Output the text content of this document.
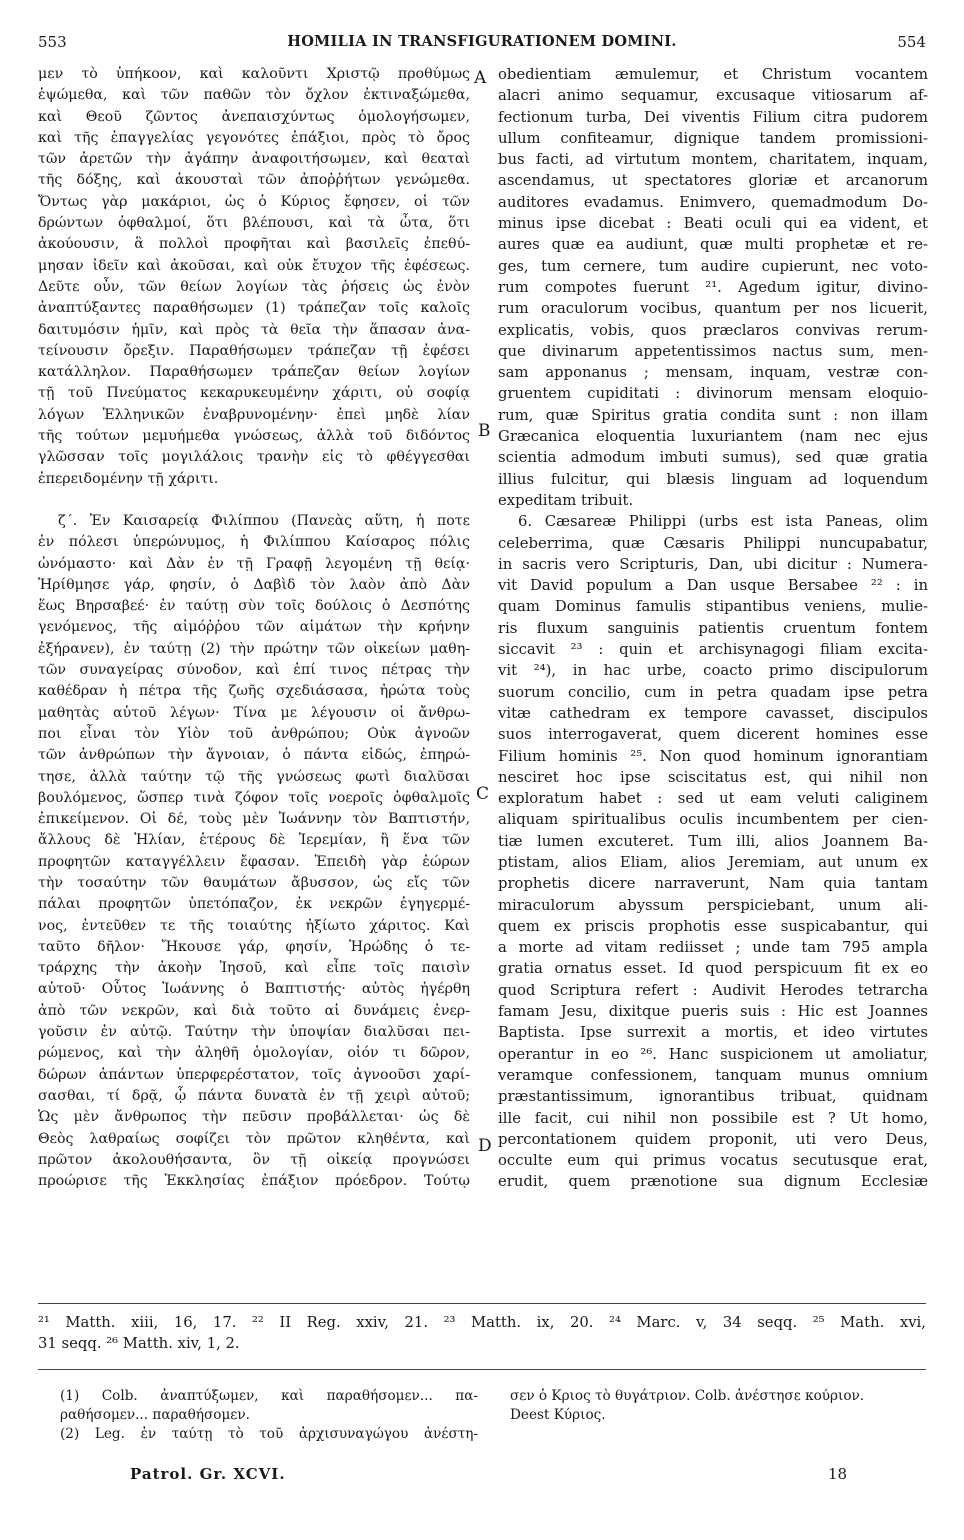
553	HOMILIA IN TRANSFIGURATIONEM DOMINI.	554
μεν τὸ ὑπήκοον, καὶ καλοῦντι Χριστῷ προθύμως
ἑψώμεθα, καὶ τῶν παθῶν τὸν ὄχλον ἐκτιναξώμεθα,
καὶ Θεοῦ ζῶντος ἀνεπαισχύντως ὁμολογήσωμεν,
καὶ τῆς ἐπαγγελίας γεγονότες ἐπάξιοι, πρὸς τὸ ὄρος
τῶν ἀρετῶν τὴν ἀγάπην ἀναφοιτήσωμεν, καὶ θεαταὶ
τῆς δόξης, καὶ ἀκουσταὶ τῶν ἀποῤῥήτων γενώμεθα.
Ὄντως γὰρ μακάριοι, ὡς ὁ Κύριος ἔφησεν, οἱ τῶν
δρώντων ὀφθαλμοί, ὅτι βλέπουσι, καὶ τὰ ὦτα, ὅτι
ἀκούουσιν, ἃ πολλοὶ προφῆται καὶ βασιλεῖς ἐπεθύ-
μησαν ἰδεῖν καὶ ἀκοῦσαι, καὶ οὐκ ἔτυχον τῆς ἐφέσεως.
Δεῦτε οὖν, τῶν θείων λογίων τὰς ῥήσεις ὡς ἐνὸν
ἀναπτύξαντες παραθήσωμεν (1) τράπεζαν τοῖς καλοῖς
δαιτυμόσιν ἡμῖν, καὶ πρὸς τὰ θεῖα τὴν ἅπασαν ἀνα-
τείνουσιν ὄρεξιν. Παραθήσωμεν τράπεζαν τῇ ἐφέσει
κατάλληλον. Παραθήσωμεν τράπεζαν θείων λογίων
τῇ τοῦ Πνεύματος κεκαρυκευμένην χάριτι, οὐ σοφίᾳ
λόγων Ἑλληνικῶν ἐναβρυνομένην· ἐπεὶ μηδὲ λίαν
τῆς τούτων μεμυήμεθα γνώσεως, ἀλλὰ τοῦ διδόντος
γλῶσσαν τοῖς μογιλάλοις τρανὴν εἰς τὸ φθέγγεσθαι
ἐπερειδομένην τῇ χάριτι.
ζ΄. Ἐν Καισαρείᾳ Φιλίππου (Πανεὰς αὕτη, ἡ ποτε
ἐν πόλεσι ὑπερώνυμος, ἡ Φιλίππου Καίσαρος πόλις
ὠνόμαστο· καὶ Δὰν ἐν τῇ Γραφῇ λεγομένη τῇ θείᾳ·
Ἠρίθμησε γάρ, φησίν, ὁ Δαβὶδ τὸν λαὸν ἀπὸ Δὰν
ἕως Βηρσαβεέ· ἐν ταύτῃ σὺν τοῖς δούλοις ὁ Δεσπότης
γενόμενος, τῆς αἱμόῤῥου τῶν αἱμάτων τὴν κρήνην
ἐξήρανεν), ἐν ταύτῃ (2) τὴν πρώτην τῶν οἰκείων μαθη-
τῶν συναγείρας σύνοδον, καὶ ἐπί τινος πέτρας τὴν
καθέδραν ἡ πέτρα τῆς ζωῆς σχεδιάσασα, ἠρώτα τοὺς
μαθητὰς αὐτοῦ λέγων· Τίνα με λέγουσιν οἱ ἄνθρω-
ποι εἶναι τὸν Υἱὸν τοῦ ἀνθρώπου; Οὐκ ἀγνοῶν
τῶν ἀνθρώπων τὴν ἄγνοιαν, ὁ πάντα εἰδώς, ἐπηρώ-
τησε, ἀλλὰ ταύτην τῷ τῆς γνώσεως φωτὶ διαλῦσαι
βουλόμενος, ὥσπερ τινὰ ζόφον τοῖς νοεροῖς ὀφθαλμοῖς
ἐπικείμενον. Οἱ δέ, τοὺς μὲν Ἰωάννην τὸν Βαπτιστήν,
ἄλλους δὲ Ἠλίαν, ἑτέρους δὲ Ἱερεμίαν, ἢ ἕνα τῶν
προφητῶν καταγγέλλειν ἔφασαν. Ἐπειδὴ γὰρ ἑώρων
τὴν τοσαύτην τῶν θαυμάτων ἄβυσσον, ὡς εἴς τῶν
πάλαι προφητῶν ὑπετόπαζον, ἐκ νεκρῶν ἐγηγερμέ-
νος, ἐντεῦθεν τε τῆς τοιαύτης ἠξίωτο χάριτος. Καὶ
ταῦτο δῆλον· Ἤκουσε γάρ, φησίν, Ἡρώδης ὁ τε-
τράρχης τὴν ἀκοὴν Ἰησοῦ, καὶ εἶπε τοῖς παισὶν
αὐτοῦ· Οὗτος Ἰωάννης ὁ Βαπτιστής· αὐτὸς ἠγέρθη
ἀπὸ τῶν νεκρῶν, καὶ διὰ τοῦτο αἱ δυνάμεις ἐνερ-
γοῦσιν ἐν αὐτῷ. Ταύτην τὴν ὑποψίαν διαλῦσαι πει-
ρώμενος, καὶ τὴν ἀληθῆ ὁμολογίαν, οἱόν τι δῶρον,
δώρων ἁπάντων ὑπερφερέστατον, τοῖς ἀγνοοῦσι χαρί-
σασθαι, τί δρᾷ, ᾧ πάντα δυνατὰ ἐν τῇ χειρὶ αὐτοῦ;
Ὡς μὲν ἄνθρωπος τὴν πεῦσιν προβάλλεται· ὡς δὲ
Θεὸς λαθραίως σοφίζει τὸν πρῶτον κληθέντα, καὶ
πρῶτον ἀκολουθήσαντα, ὃν τῇ οἰκείᾳ προγνώσει
προώρισε τῆς Ἐκκλησίας ἐπάξιον πρόεδρον. Τούτῳ
obedientiam æmulemur, et Christum vocantem
alacri animo sequamur, excusaque vitiosarum af-
fectionum turba, Dei viventis Filium citra pudorem
ullum confiteamur, dignique tandem promissioni-
bus facti, ad virtutum montem, charitatem, inquam,
ascendamus, ut spectatores gloriæ et arcanorum
auditores evadamus. Enimvero, quemadmodum Do-
minus ipse dicebat : Beati oculi qui ea vident, et
aures quæ ea audiunt, quæ multi prophetæ et re-
ges, tum cernere, tum audire cupierunt, nec voto-
rum compotes fuerunt ²¹. Agedum igitur, divino-
rum oraculorum vocibus, quantum per nos licuerit,
explicatis, vobis, quos præclaros convivas rerum-
que divinarum appetentissimos nactus sum, men-
sam apponanus ; mensam, inquam, vestræ con-
gruentem cupiditati : divinorum mensam eloquio-
rum, quæ Spiritus gratia condita sunt : non illam
Græcanica eloquentia luxuriantem (nam nec ejus
scientia admodum imbuti sumus), sed quæ gratia
illius fulcitur, qui blæsis linguam ad loquendum
expeditam tribuit.
6. Cæsareæ Philippi (urbs est ista Paneas, olim
celeberrima, quæ Cæsaris Philippi nuncupabatur,
in sacris vero Scripturis, Dan, ubi dicitur : Numera-
vit David populum a Dan usque Bersabee ²² : in
quam Dominus famulis stipantibus veniens, mulie-
ris fluxum sanguinis patientis cruentum fontem
siccavit ²³ : quin et archisynagogi filiam excita-
vit ²⁴), in hac urbe, coacto primo discipulorum
suorum concilio, cum in petra quadam ipse petra
vitæ cathedram ex tempore cavasset, discipulos
suos interrogaverat, quem dicerent homines esse
Filium hominis ²⁵. Non quod hominum ignorantiam
nesciret hoc ipse sciscitatus est, qui nihil non
exploratum habet : sed ut eam veluti caliginem
aliquam spiritualibus oculis incumbentem per cien-
tiæ lumen excuteret. Tum illi, alios Joannem Ba-
ptistam, alios Eliam, alios Jeremiam, aut unum ex
prophetis dicere narraverunt, Nam quia tantam
miraculorum abyssum perspiciebant, unum ali-
quem ex priscis prophotis esse suspicabantur, qui
a morte ad vitam rediisset ; unde tam 795 ampla
gratia ornatus esset. Id quod perspicuum fit ex eo
quod Scriptura refert : Audivit Herodes tetrarcha
famam Jesu, dixitque pueris suis : Hic est Joannes
Baptista. Ipse surrexit a mortis, et ideo virtutes
operantur in eo ²⁶. Hanc suspicionem ut amoliatur,
veramque confessionem, tanquam munus omnium
præstantissimum, ignorantibus tribuat, quidnam
ille facit, cui nihil non possibile est ? Ut homo,
percontationem quidem proponit, uti vero Deus,
occulte eum qui primus vocatus secutusque erat,
erudit, quem prænotione sua dignum Ecclesiæ
A
B
C
D
²¹ Matth. xiii, 16, 17. ²² II Reg. xxiv, 21. ²³ Matth. ix, 20. ²⁴ Marc. v, 34 seqq. ²⁵ Math. xvi,
31 seqq. ²⁶ Matth. xiv, 1, 2.
(1) Colb. ἀναπτύξωμεν, καὶ παραθήσομεν... πα-
ραθήσομεν... παραθήσομεν.
(2) Leg. ἐν ταύτῃ τὸ τοῦ ἀρχισυναγώγου ἀνέστη-
σεν ὁ Κριος τὸ θυγάτριον. Colb. ἀνέστησε κούριον.
Deest Κύριος.
Patrol. Gr. XCVI.	18
